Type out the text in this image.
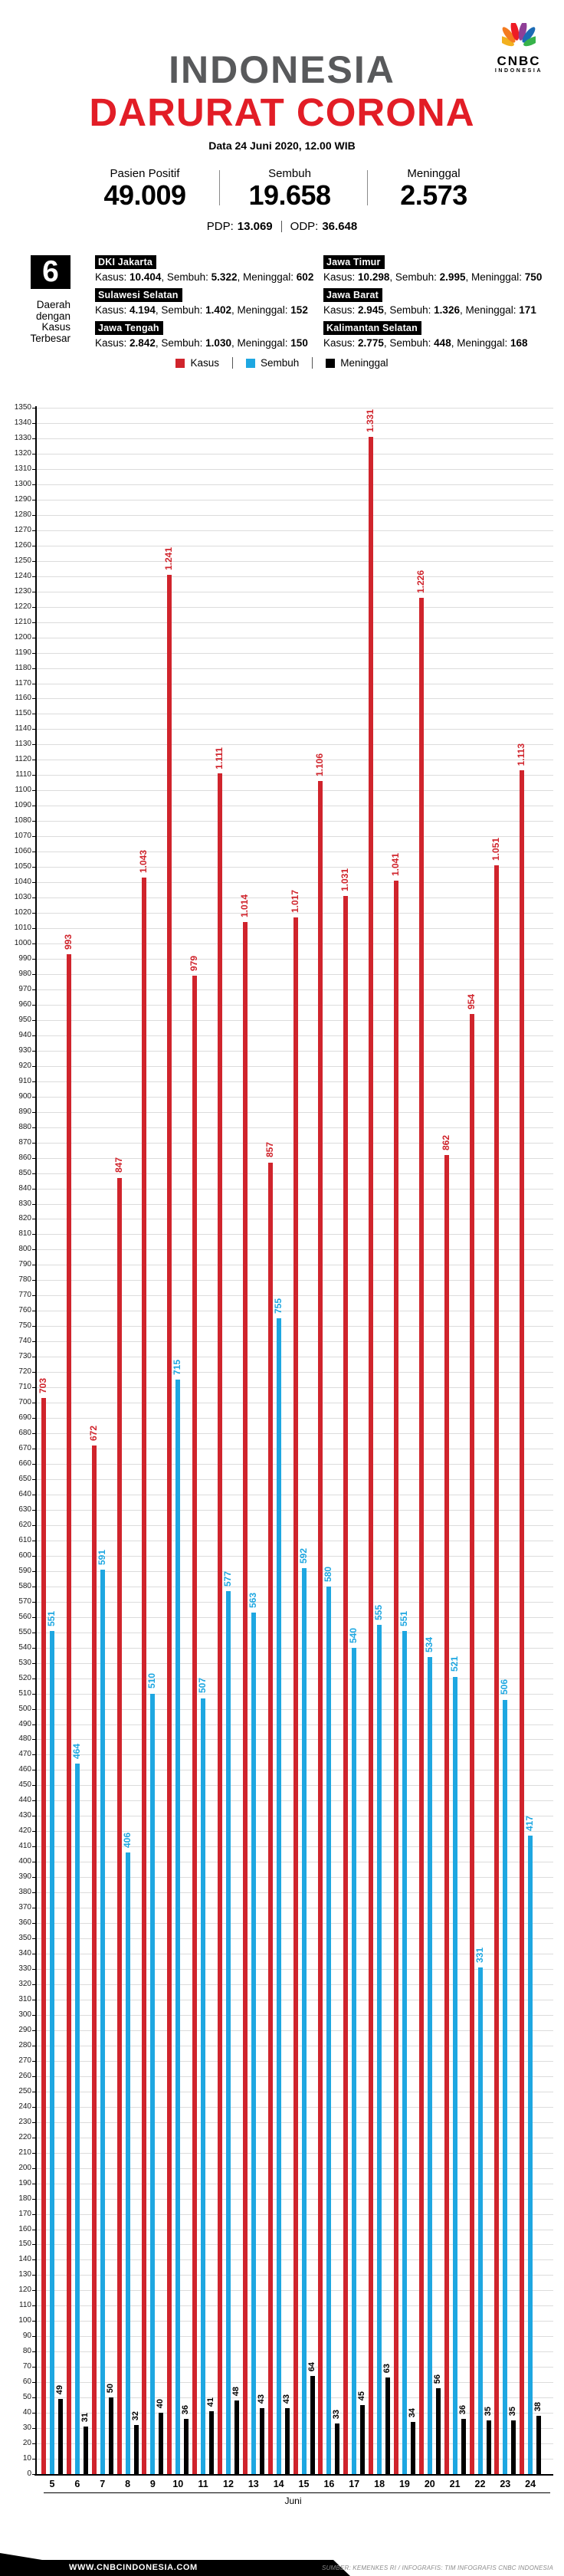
CNBC
INDONESIA
INDONESIA
DARURAT CORONA
Data 24 Juni 2020, 12.00 WIB
Pasien Positif
49.009
Sembuh
19.658
Meninggal
2.573
PDP: 13.069 ODP: 36.648
6
Daerah
dengan
Kasus
Terbesar
DKI Jakarta
Kasus: 10.404, Sembuh: 5.322, Meninggal: 602
Sulawesi Selatan
Kasus: 4.194, Sembuh: 1.402, Meninggal: 152
Jawa Tengah
Kasus: 2.842, Sembuh: 1.030, Meninggal: 150
Jawa Timur
Kasus: 10.298, Sembuh: 2.995, Meninggal: 750
Jawa Barat
Kasus: 2.945, Sembuh: 1.326, Meninggal: 171
Kalimantan Selatan
Kasus: 2.775, Sembuh: 448, Meninggal: 168
Kasus	Sembuh	Meninggal
0
10
20
30
40
50
60
70
80
90
100
110
120
130
140
150
160
170
180
190
200
210
220
230
240
250
260
270
280
290
300
310
320
330
340
350
360
370
380
390
400
410
420
430
440
450
460
470
480
490
500
510
520
530
540
550
560
570
580
590
600
610
620
630
640
650
660
670
680
690
700
710
720
730
740
750
760
770
780
790
800
810
820
830
840
850
860
870
880
890
900
910
920
930
940
950
960
970
980
990
1000
1010
1020
1030
1040
1050
1060
1070
1080
1090
1100
1110
1120
1130
1140
1150
1160
1170
1180
1190
1200
1210
1220
1230
1240
1250
1260
1270
1280
1290
1300
1310
1320
1330
1340
1350
703
993
672
847
1.043
1.241
979
1.111
1.014
857
1.017
1.106
1.031
1.331
1.041
1.226
862
954
1.051
1.113
551
464
591
406
510
715
507
577
563
755
592
580
540
555 551
534
521
331
506
417
49
31
50
32
40
36
41
48
43 43
64
33
45
63
34
56
36 35 35 38
5	6	7	8	9	10	11	12	13	14	15	16	17	18	19	20	21	22	23	24
Juni
WWW.CNBCINDONESIA.COM	SUMBER: KEMENKES RI / INFOGRAFIS: TIM INFOGRAFIS CNBC INDONESIA
